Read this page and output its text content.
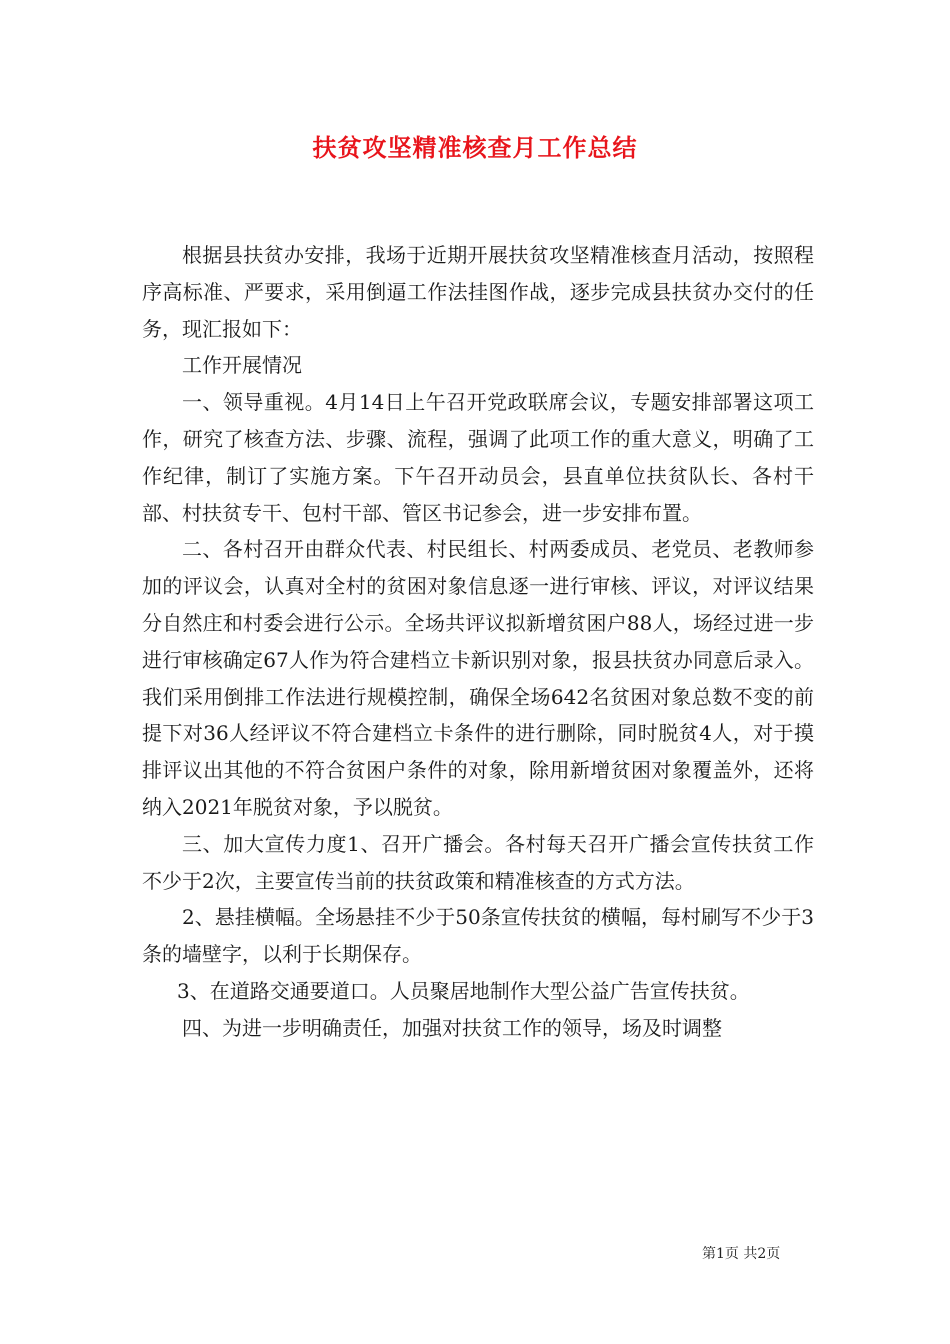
扶贫攻坚精准核查月工作总结

根据县扶贫办安排，我场于近期开展扶贫攻坚精准核查月活动，按照程序高标准、严要求，采用倒逼工作法挂图作战，逐步完成县扶贫办交付的任务，现汇报如下：

工作开展情况

一、领导重视。4月14日上午召开党政联席会议，专题安排部署这项工作，研究了核查方法、步骤、流程，强调了此项工作的重大意义，明确了工作纪律，制订了实施方案。下午召开动员会，县直单位扶贫队长、各村干部、村扶贫专干、包村干部、管区书记参会，进一步安排布置。

二、各村召开由群众代表、村民组长、村两委成员、老党员、老教师参加的评议会，认真对全村的贫困对象信息逐一进行审核、评议，对评议结果分自然庄和村委会进行公示。全场共评议拟新增贫困户88人，场经过进一步进行审核确定67人作为符合建档立卡新识别对象，报县扶贫办同意后录入。我们采用倒排工作法进行规模控制，确保全场642名贫困对象总数不变的前提下对36人经评议不符合建档立卡条件的进行删除，同时脱贫4人，对于摸排评议出其他的不符合贫困户条件的对象，除用新增贫困对象覆盖外，还将纳入2021年脱贫对象，予以脱贫。

三、加大宣传力度1、召开广播会。各村每天召开广播会宣传扶贫工作不少于2次，主要宣传当前的扶贫政策和精准核查的方式方法。

2、悬挂横幅。全场悬挂不少于50条宣传扶贫的横幅，每村刷写不少于3条的墙壁字，以利于长期保存。

3、在道路交通要道口。人员聚居地制作大型公益广告宣传扶贫。

四、为进一步明确责任，加强对扶贫工作的领导，场及时调整

第1页 共2页
